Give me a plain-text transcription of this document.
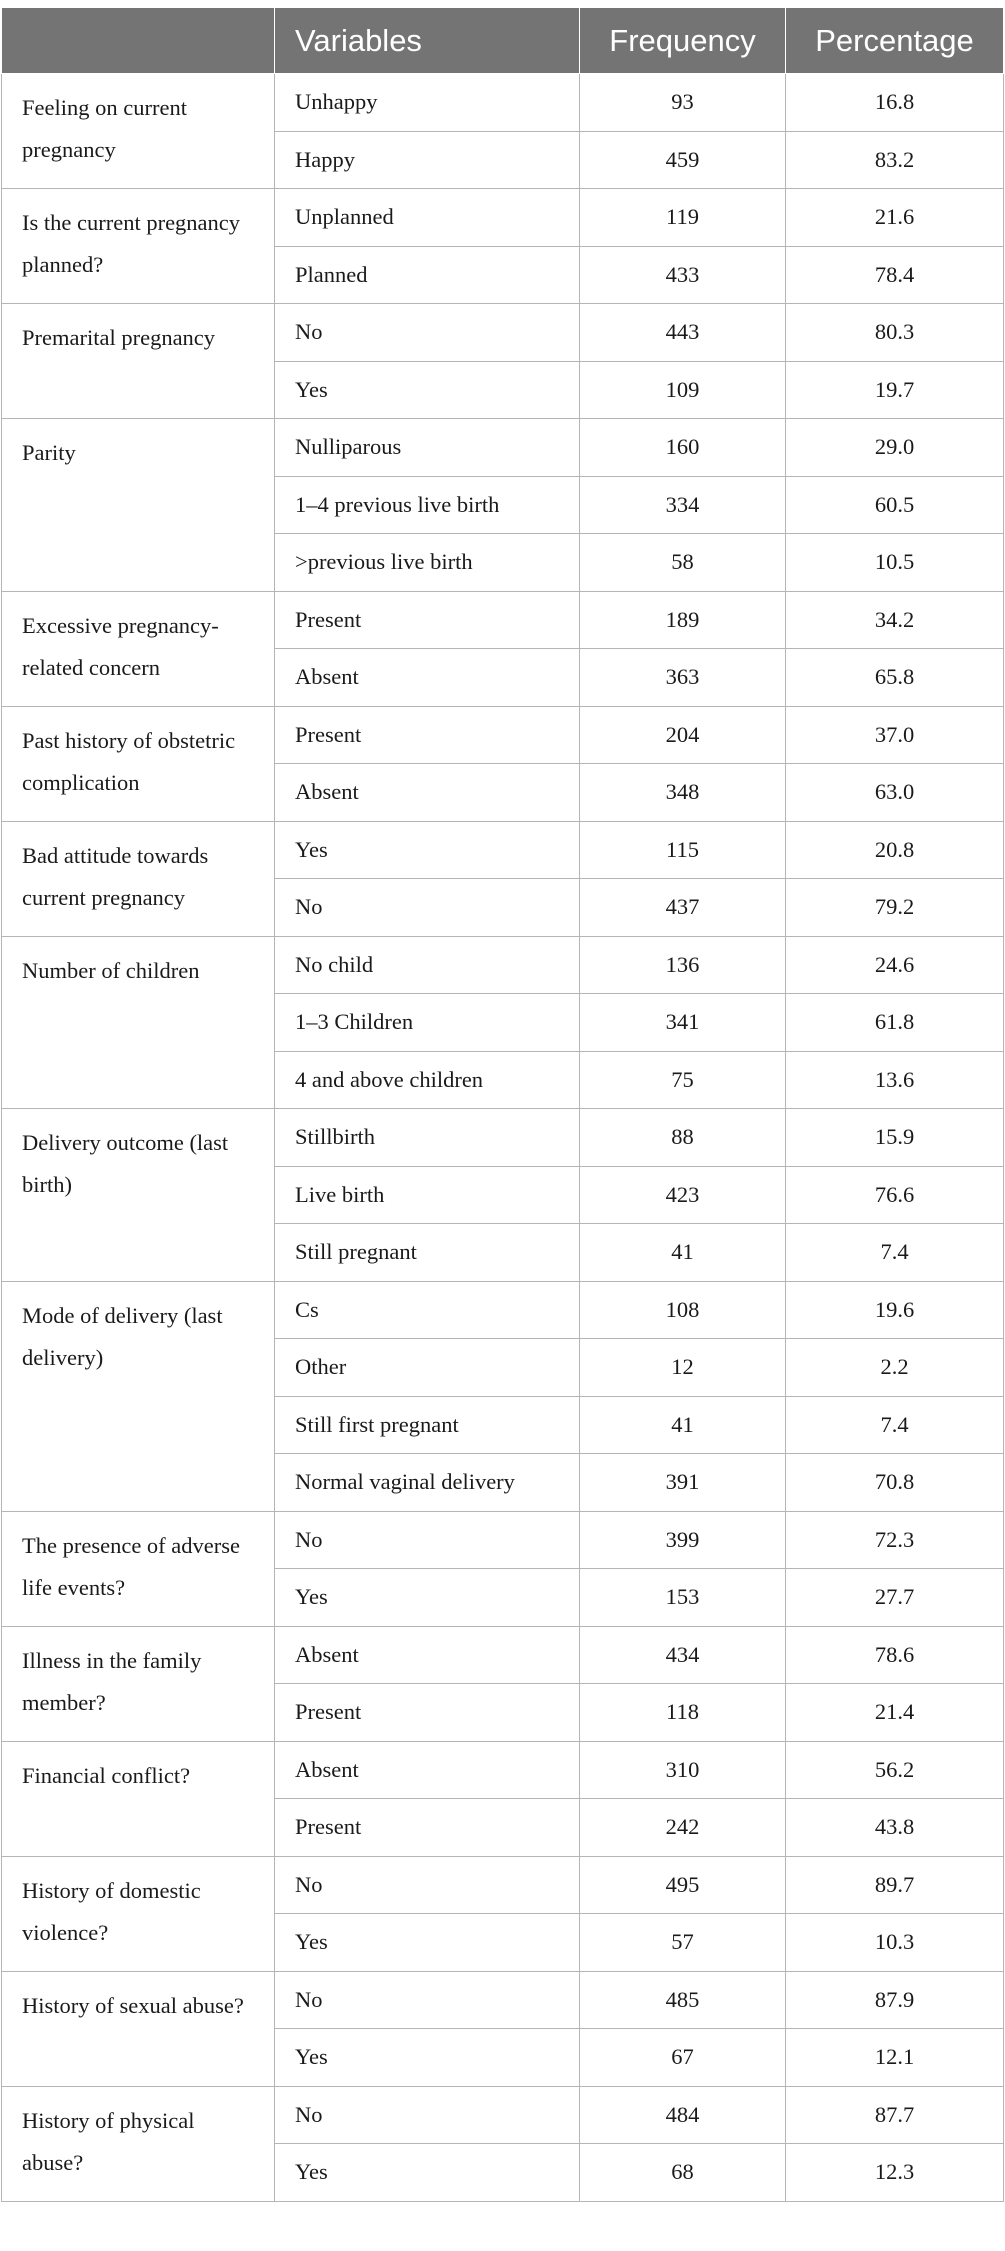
	Variables	Frequency	Percentage
Feeling on current pregnancy	Unhappy	93	16.8
	Happy	459	83.2
Is the current pregnancy planned?	Unplanned	119	21.6
	Planned	433	78.4
Premarital pregnancy	No	443	80.3
	Yes	109	19.7
Parity	Nulliparous	160	29.0
	1–4 previous live birth	334	60.5
	>previous live birth	58	10.5
Excessive pregnancy-related concern	Present	189	34.2
	Absent	363	65.8
Past history of obstetric complication	Present	204	37.0
	Absent	348	63.0
Bad attitude towards current pregnancy	Yes	115	20.8
	No	437	79.2
Number of children	No child	136	24.6
	1–3 Children	341	61.8
	4 and above children	75	13.6
Delivery outcome (last birth)	Stillbirth	88	15.9
	Live birth	423	76.6
	Still pregnant	41	7.4
Mode of delivery (last delivery)	Cs	108	19.6
	Other	12	2.2
	Still first pregnant	41	7.4
	Normal vaginal delivery	391	70.8
The presence of adverse life events?	No	399	72.3
	Yes	153	27.7
Illness in the family member?	Absent	434	78.6
	Present	118	21.4
Financial conflict?	Absent	310	56.2
	Present	242	43.8
History of domestic violence?	No	495	89.7
	Yes	57	10.3
History of sexual abuse?	No	485	87.9
	Yes	67	12.1
History of physical abuse?	No	484	87.7
	Yes	68	12.3
